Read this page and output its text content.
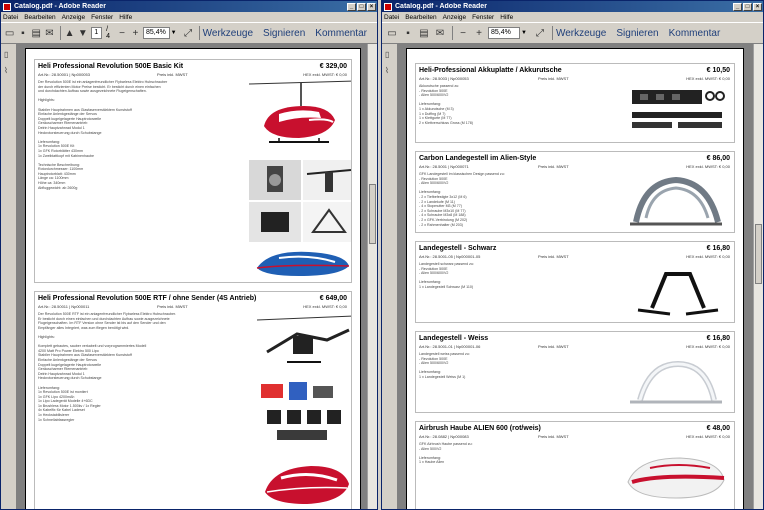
Catalog.pdf - Adobe Reader	_	□	×
Datei Bearbeiten Anzeige Fenster Hilfe
▭ ▪ ▤ ✉ ▲ ▼ 1	/ 4 − +	85,4% ▼ ⤢ Werkzeuge Signieren Kommentar
▯
⌇	Heli Professional Revolution 500E Basic Kit	€ 329,00
Art.Nr.: 28.50001 | Np000053	Preis inkl. MWST	HEX exkl. MWST: € 0,00
Der Revolution 500E ist ein anlagenfreundlicher Flybarless Elektro Hubschrauber
der durch effizienten Motor Preise besticht. Er besticht durch einen einfachen
und durchdachten Aufbau sowie ausgezeichnete Flugeigenschaften.

Highlights:

Stabiler Hauptrahmen aus Glasfaserverstärktem Kunststoff
Einfache Anlenkgestänge der Servos
Doppelt kugelgelagerte Hauptrotorwelle
Geräuscharmer Riemenantrieb
Delrin Hauptzahnrad Modul 1
Heckrotorsteuerung durch Schubstange

Lieferumfang:
1x Revolution 500E Kit
1x GFK Rotorblätter 430mm
1x Zweiblattkopf mit Kabinenhaube

Technische Beschreibung:
Rotordurchmesser: 1100mm
Hauptrotorblatt: 430mm
Länge ca: 1100mm
Höhe ca: 340mm
Abfluggewicht: ab 2600g
Heli Professional Revolution 500E RTF / ohne Sender (4S Antrieb)	€ 649,00
Art.Nr.: 28.50011 | Np000011	Preis inkl. MWST	HEX exkl. MWST: € 0,00
Der Revolution 500E RTF ist ein anlagenfreundlicher Flybarless Elektro Hubschrauber.
Er besticht durch einen einfachen und durchdachten Aufbau sowie ausgezeichnete
Flugeigenschaften. Im RTF Version ohne Sender ist bis auf den Sender und den
Empfänger alles Integriert, was zum fliegen benötigt wird.

Highlights:

Komplett gebautes, sauber verkabelt und vorprogrammiertes Modell
4200 Matt Pro Power Elektro 500 Lipo
Stabiler Hauptrahmen aus Glasfaserverstärktem Kunststoff
Einfache Anlenkgestänge der Servos
Doppelt kugelgelagerte Hauptrotorwelle
Geräuscharmer Riemenantrieb
Delrin Hauptzahnrad Modul 1
Heckrotorsteuerung durch Schubstange

Lieferumfang:
1x Revolution 500E ist montiert
1x GFK Lipo 4200mAh
1x Lipo Ladegerät Modelle 4+6DC
1x Brushless Motor 1.500kv / 1x Regler
4x Kabelfix für Kabel Ladeset
1x Heckstabilisierer
1x Schnellabfassregler
Catalog.pdf - Adobe Reader	_	□	×
Datei Bearbeiten Anzeige Fenster Hilfe
▭ ▪ ▤ ✉	−	+	85,4%	▼ ⤢	Werkzeuge Signieren Kommentar
▯
⌇	Heli-Professional Akkuplatte / Akkurutsche	€ 10,50
Art.Nr.: 28.5003 | Np000053	Preis inkl. MWST	HEX exkl. MWST: € 0,00
Akkurutsche passend zu:
- Revolution 500E
- Alien 500/600/V2

Lieferumfang:
1 x Akkurutsche (M 3)
1 x Duffing (M 7)
1 x Klettgurte (M 77)
2 x Klettverschluss Gross (M 178)
Carbon Landegestell im Alien-Style	€ 86,00
Art.Nr.: 28.5001 | Np000071	Preis inkl. MWST	HEX exkl. MWST: € 0,00
GFK Landegestell im klassischen Design passend zu:
- Revolution 500E
- Alien 500/600/V2

Lieferumfang:
- 2 x Tiefbefestigte 3x12 (M 6)
- 2 x Landekufe (M 11)
- 4 x Stopmutter M3 (M 77)
- 2 x Schraube M3x10 (M 77)
- 4 x Schraube M3x8 (M 188)
- 2 x GFK-Verbindung (M 202)
- 2 x Rahmenhalter (M 203)
Landegestell - Schwarz	€ 16,80
Art.Nr.: 28.5001-05 | Np000001-05	Preis inkl. MWST	HEX exkl. MWST: € 0,00
Landegestell schwarz passend zu:
- Revolution 500E
- Alien 500/600/V2

Lieferumfang:
1 x Landegestell Schwarz (M 110)
Landegestell - Weiss	€ 16,80
Art.Nr.: 28.5001-01 | Np000001-06	Preis inkl. MWST	HEX exkl. MWST: € 0,00
Landegestell weiss passend zu:
- Revolution 500E
- Alien 500/600/V2

Lieferumfang:
1 x Landegestell Weiss (M 1)
Airbrush Haube ALIEN 600 (rot/weis)	€ 48,00
Art.Nr.: 28.0882 | Np000083	Preis inkl. MWST	HEX exkl. MWST: € 0,00
GFK Airbrush Haube passend zu:
- Alien 500/V2

Lieferumfang:
1 x Haube Alien
